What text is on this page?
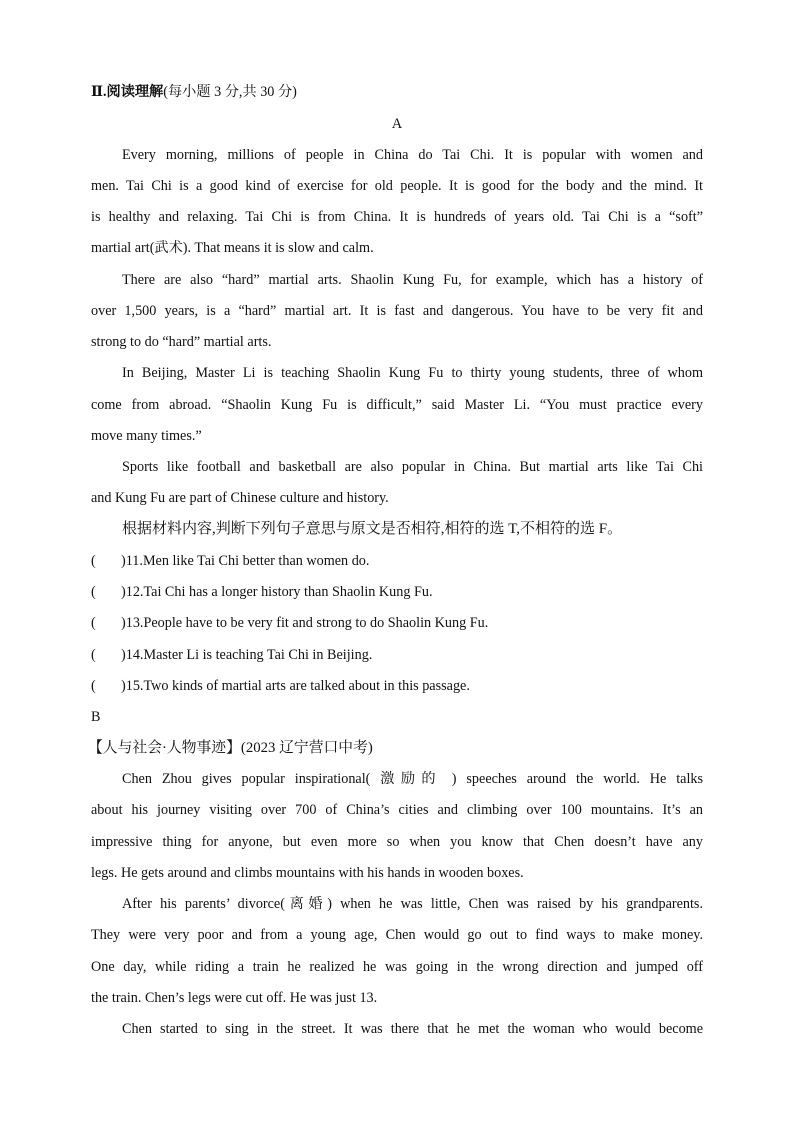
Ⅱ.阅读理解(每小题 3 分,共 30 分)
A
Every morning, millions of people in China do Tai Chi. It is popular with women and
men. Tai Chi is a good kind of exercise for old people. It is good for the body and the mind. It
is healthy and relaxing. Tai Chi is from China. It is hundreds of years old. Tai Chi is a “soft”
martial art(武术). That means it is slow and calm.
There are also “hard” martial arts. Shaolin Kung Fu, for example, which has a history of
over 1,500 years, is a “hard” martial art. It is fast and dangerous. You have to be very fit and
strong to do “hard” martial arts.
In Beijing, Master Li is teaching Shaolin Kung Fu to thirty young students, three of whom
come from abroad. “Shaolin Kung Fu is difficult,” said Master Li. “You must practice every
move many times.”
Sports like football and basketball are also popular in China. But martial arts like Tai Chi
and Kung Fu are part of Chinese culture and history.
根据材料内容,判断下列句子意思与原文是否相符,相符的选 T,不相符的选 F。
( )11.Men like Tai Chi better than women do.
( )12.Tai Chi has a longer history than Shaolin Kung Fu.
( )13.People have to be very fit and strong to do Shaolin Kung Fu.
( )14.Master Li is teaching Tai Chi in Beijing.
( )15.Two kinds of martial arts are talked about in this passage.
B
【人与社会·人物事迹】(2023 辽宁营口中考)
Chen Zhou gives popular inspirational( 激励的 ) speeches around the world. He talks
about his journey visiting over 700 of China’s cities and climbing over 100 mountains. It’s an
impressive thing for anyone, but even more so when you know that Chen doesn’t have any
legs. He gets around and climbs mountains with his hands in wooden boxes.
After his parents’ divorce(离婚) when he was little, Chen was raised by his grandparents.
They were very poor and from a young age, Chen would go out to find ways to make money.
One day, while riding a train he realized he was going in the wrong direction and jumped off
the train. Chen’s legs were cut off. He was just 13.
Chen started to sing in the street. It was there that he met the woman who would become
